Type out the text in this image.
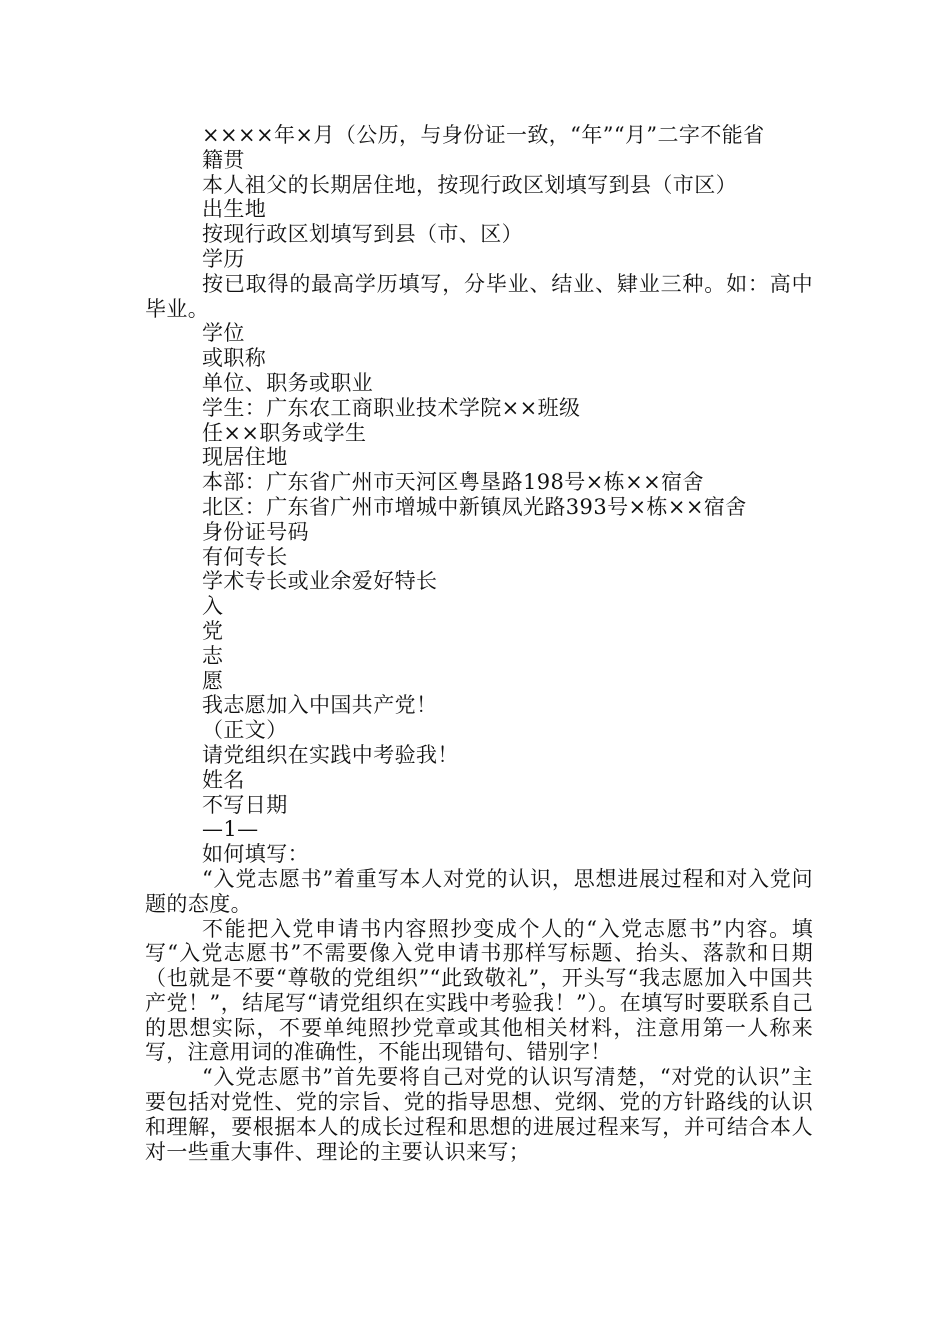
××××年×月（公历，与身份证一致，“年”“月”二字不能省

籍贯

本人祖父的长期居住地，按现行政区划填写到县（市区）

出生地

按现行政区划填写到县（市、区）

学历

按已取得的最高学历填写，分毕业、结业、肄业三种。如：高中毕业。

学位

或职称

单位、职务或职业

学生：广东农工商职业技术学院××班级

任××职务或学生

现居住地

本部：广东省广州市天河区粤垦路198号×栋××宿舍

北区：广东省广州市增城中新镇凤光路393号×栋××宿舍

身份证号码

有何专长

学术专长或业余爱好特长

入

党

志

愿

我志愿加入中国共产党！

（正文）

请党组织在实践中考验我！

姓名

不写日期

—1—

如何填写：

“入党志愿书”着重写本人对党的认识，思想进展过程和对入党问题的态度。

不能把入党申请书内容照抄变成个人的“入党志愿书”内容。填写“入党志愿书”不需要像入党申请书那样写标题、抬头、落款和日期（也就是不要“尊敬的党组织”“此致敬礼”，开头写“我志愿加入中国共产党！”，结尾写“请党组织在实践中考验我！”）。在填写时要联系自己的思想实际，不要单纯照抄党章或其他相关材料，注意用第一人称来写，注意用词的准确性，不能出现错句、错别字！

“入党志愿书”首先要将自己对党的认识写清楚，“对党的认识”主要包括对党性、党的宗旨、党的指导思想、党纲、党的方针路线的认识和理解，要根据本人的成长过程和思想的进展过程来写，并可结合本人对一些重大事件、理论的主要认识来写；
